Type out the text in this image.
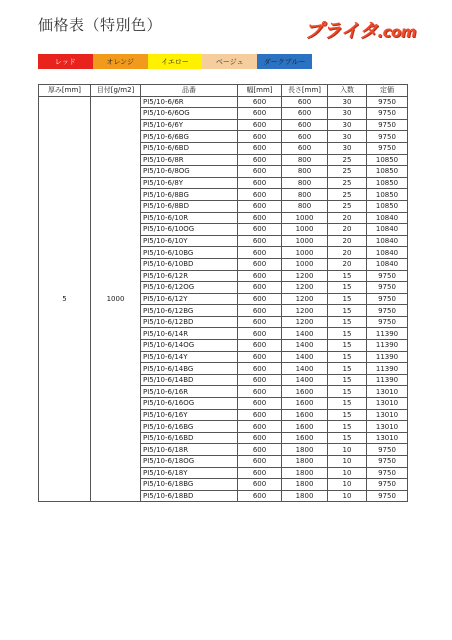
価格表（特別色）	プライタ.com
レッド	オレンジ	イエロー	ベージュ	ダークブルー
厚み[mm]	目付[g/m2]	品番	幅[mm]	長さ[mm]	入数	定価
5	1000	PI5/10-6/6R	600	600	30	9750
		PI5/10-6/6OG	600	600	30	9750
		PI5/10-6/6Y	600	600	30	9750
		PI5/10-6/6BG	600	600	30	9750
		PI5/10-6/6BD	600	600	30	9750
		PI5/10-6/8R	600	800	25	10850
		PI5/10-6/8OG	600	800	25	10850
		PI5/10-6/8Y	600	800	25	10850
		PI5/10-6/8BG	600	800	25	10850
		PI5/10-6/8BD	600	800	25	10850
		PI5/10-6/10R	600	1000	20	10840
		PI5/10-6/10OG	600	1000	20	10840
		PI5/10-6/10Y	600	1000	20	10840
		PI5/10-6/10BG	600	1000	20	10840
		PI5/10-6/10BD	600	1000	20	10840
		PI5/10-6/12R	600	1200	15	9750
		PI5/10-6/12OG	600	1200	15	9750
		PI5/10-6/12Y	600	1200	15	9750
		PI5/10-6/12BG	600	1200	15	9750
		PI5/10-6/12BD	600	1200	15	9750
		PI5/10-6/14R	600	1400	15	11390
		PI5/10-6/14OG	600	1400	15	11390
		PI5/10-6/14Y	600	1400	15	11390
		PI5/10-6/14BG	600	1400	15	11390
		PI5/10-6/14BD	600	1400	15	11390
		PI5/10-6/16R	600	1600	15	13010
		PI5/10-6/16OG	600	1600	15	13010
		PI5/10-6/16Y	600	1600	15	13010
		PI5/10-6/16BG	600	1600	15	13010
		PI5/10-6/16BD	600	1600	15	13010
		PI5/10-6/18R	600	1800	10	9750
		PI5/10-6/18OG	600	1800	10	9750
		PI5/10-6/18Y	600	1800	10	9750
		PI5/10-6/18BG	600	1800	10	9750
		PI5/10-6/18BD	600	1800	10	9750
